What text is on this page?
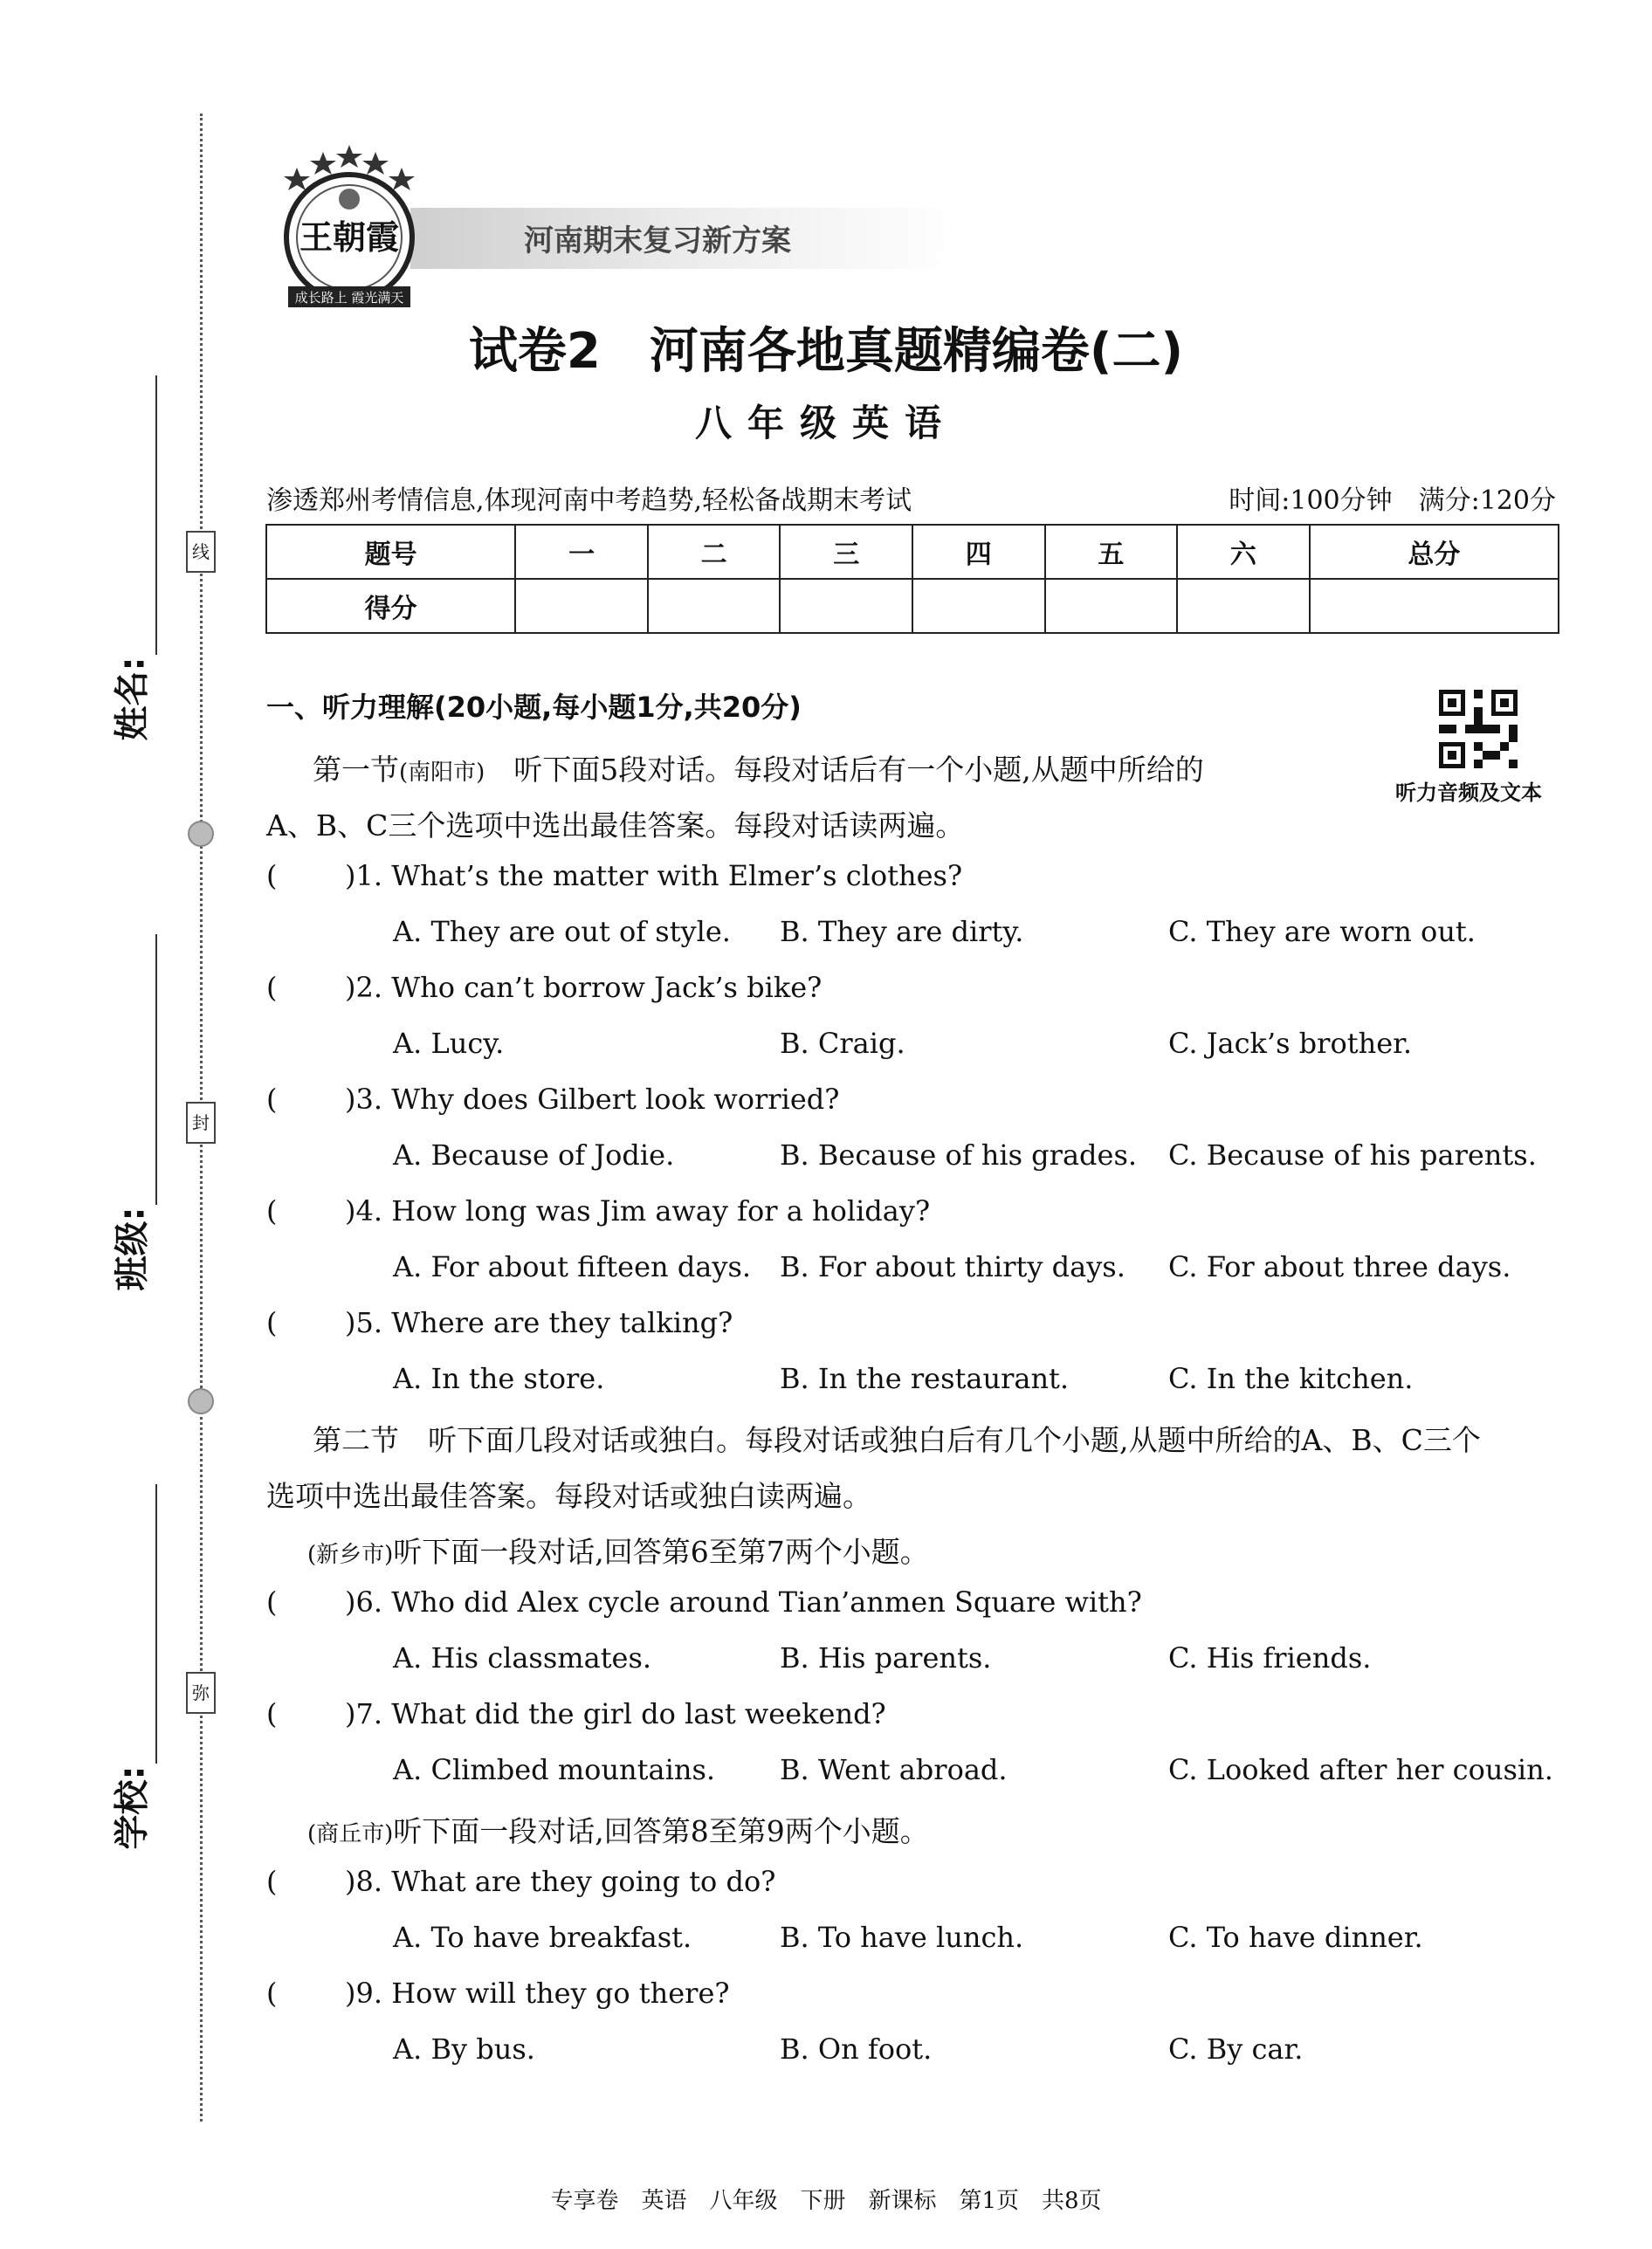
线
封
弥
姓名:
班级:
学校:
河南期末复习新方案
王朝霞
成长路上 霞光满天
试卷2　河南各地真题精编卷(二)
八年级英语
渗透郑州考情信息,体现河南中考趋势,轻松备战期末考试	时间:100分钟　满分:120分
题号	一	二	三	四	五	六	总分
得分							
一、听力理解(20小题,每小题1分,共20分)
听力音频及文本
第一节(南阳市)　 听下面5段对话。每段对话后有一个小题,从题中所给的
A、B、C三个选项中选出最佳答案。每段对话读两遍。
( )1. What’s the matter with Elmer’s clothes?
A. They are out of style. B. They are dirty.	C. They are worn out.
( )2. Who can’t borrow Jack’s bike?
A. Lucy.	B. Craig.	C. Jack’s brother.
( )3. Why does Gilbert look worried?
A. Because of Jodie.	B. Because of his grades. C. Because of his parents.
( )4. How long was Jim away for a holiday?
A. For about fifteen days. B. For about thirty days. C. For about three days.
( )5. Where are they talking?
A. In the store.	B. In the restaurant.	C. In the kitchen.
第二节　听下面几段对话或独白。每段对话或独白后有几个小题,从题中所给的A、B、C三个
选项中选出最佳答案。每段对话或独白读两遍。
(新乡市)听下面一段对话,回答第6至第7两个小题。
( )6. Who did Alex cycle around Tian’anmen Square with?
A. His classmates.	B. His parents.	C. His friends.
( )7. What did the girl do last weekend?
A. Climbed mountains. B. Went abroad.	C. Looked after her cousin.
(商丘市)听下面一段对话,回答第8至第9两个小题。
( )8. What are they going to do?
A. To have breakfast.	B. To have lunch.	C. To have dinner.
( )9. How will they go there?
A. By bus.	B. On foot.	C. By car.
专享卷　英语　八年级　下册　新课标　第1页　共8页
